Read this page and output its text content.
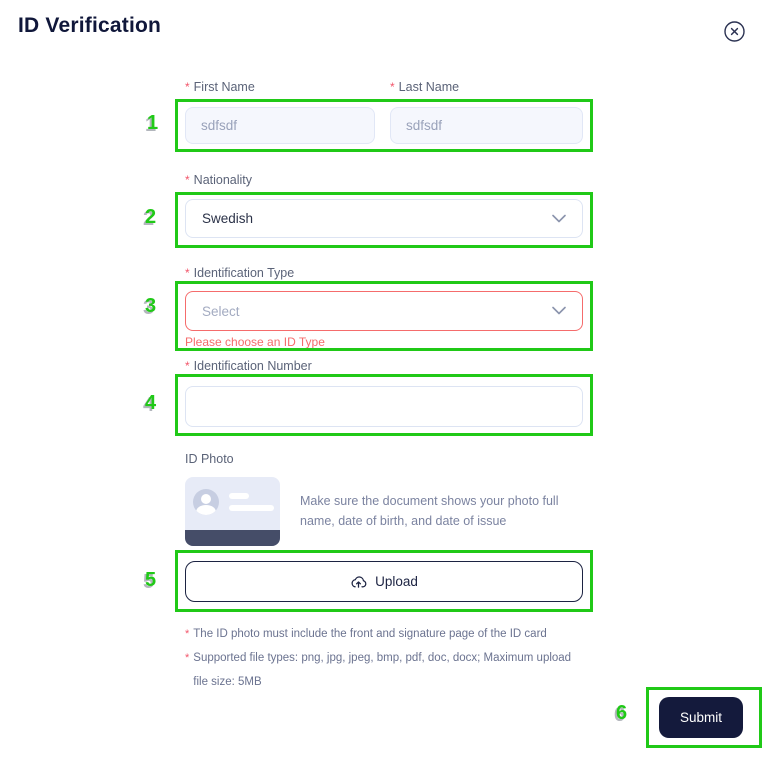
ID Verification
* First Name	* Last Name
sdfsdf
sdfsdf
* Nationality
Swedish
* Identification Type
Select
Please choose an ID Type
* Identification Number
ID Photo
Make sure the document shows your photo full name, date of birth, and date of issue
Upload
* The ID photo must include the front and signature page of the ID card
* Supported file types: png, jpg, jpeg, bmp, pdf, doc, docx; Maximum upload file size: 5MB
Submit
1
2
3
4
5
6
